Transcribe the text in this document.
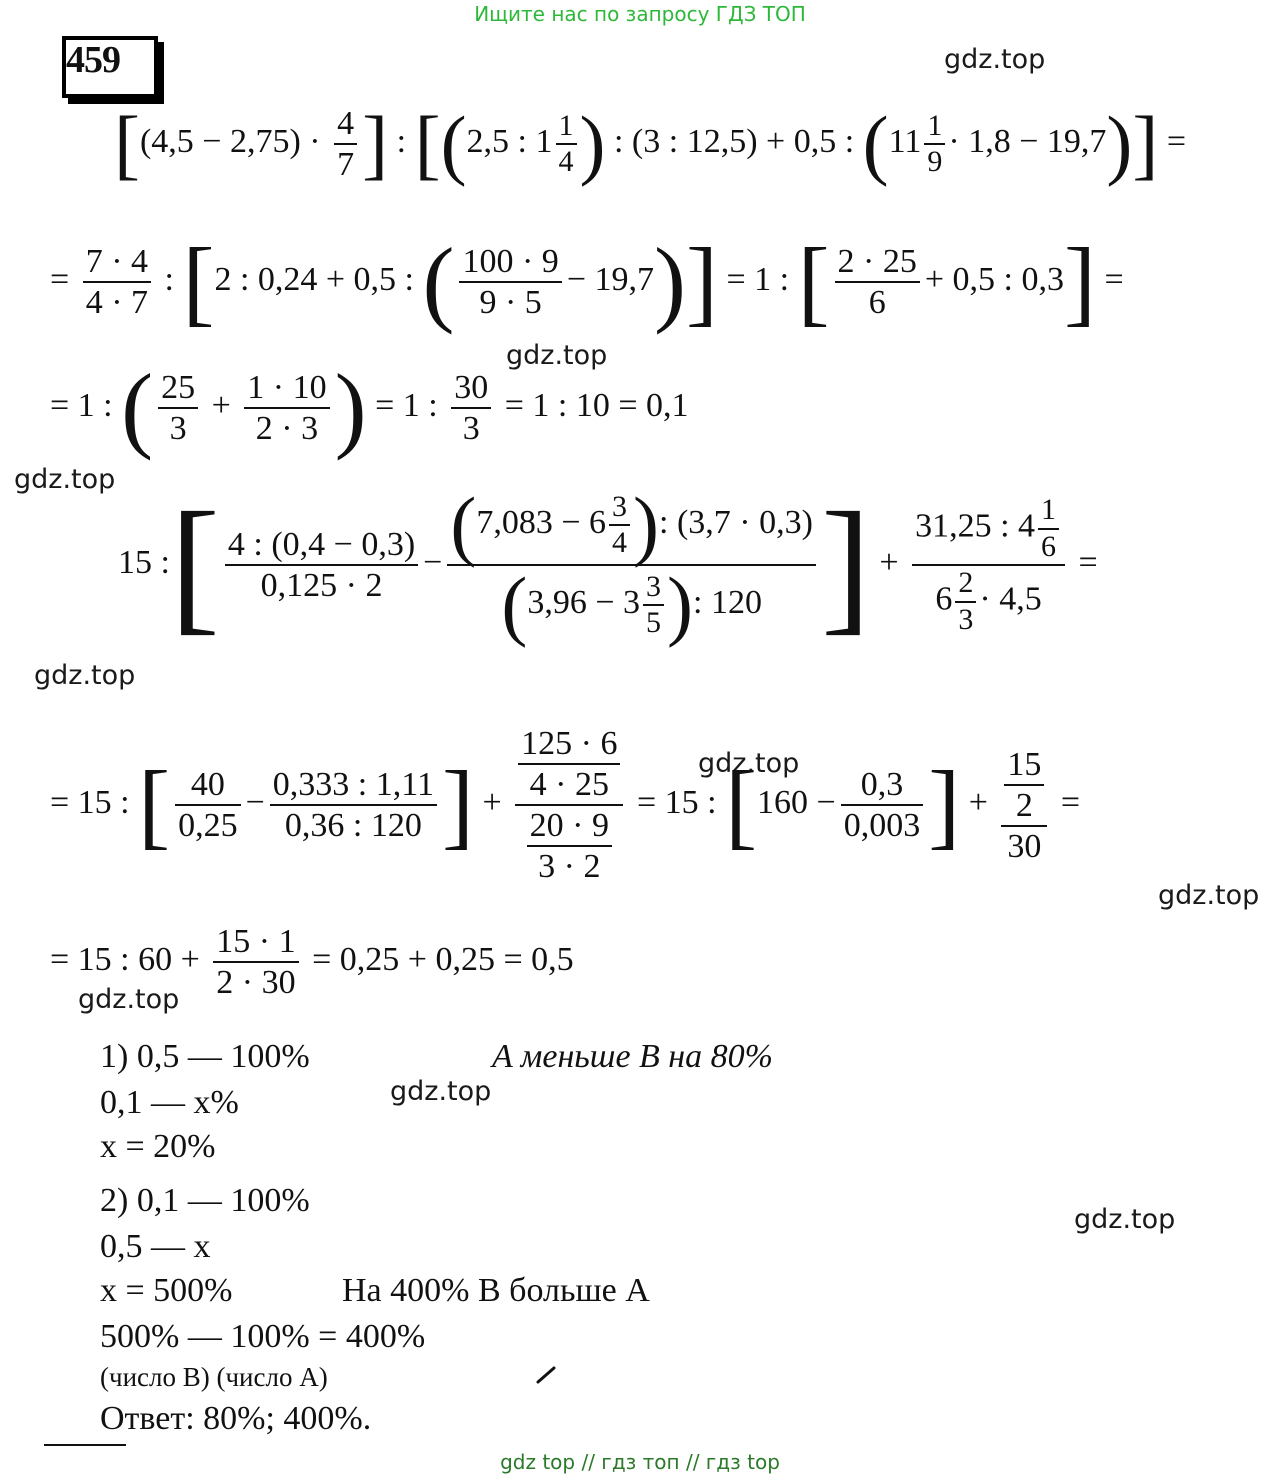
Ищите нас по запросу ГДЗ ТОП
459	gdz.top
gdz.top
gdz.top
gdz.top
gdz.top
gdz.top
gdz.top
gdz.top
gdz.top
[$(4,5 - 2,75) \cdot \frac{4}{7}$ ] : [(2,5 : $1 \frac{1}{4}$ ) : (3 : 12,5) + 0,5 : $(11 \frac{1}{9} \cdot 1,8 - 19,7)$] =
= $\frac{7 \cdot 4}{4 \cdot 7}$ : [2 : 0,24 + 0,5 : ( $\frac{100 \cdot 9}{9 \cdot 5} - 19,7)] = 1$ : [ $\frac{2 \cdot 25}{6} + 0,5$ : 0,3] =
= 1 : ( $\frac{25}{3} + \frac{1 \cdot 10}{2 \cdot 3}$ ) = 1 : $\frac{30}{3} = 1$ : 10 = 0,1
15 :[ $\frac{4 : (0,4 - 0,3)}{0,125 \cdot 2} - \frac{(7,083 - 6 \frac{3}{4} ): (3,7 \cdot 0,3)}{(3,96 - 3 \frac{3}{5} ): 120}$ ] + $\frac{31,25 : 4 \frac{1}{6}}{6 \frac{2}{3} \cdot 4,5}$ =
= 15 : [ $\frac{40}{0,25} - \frac{0,333 : 1,11}{0,36 : 120}$ ] + $\frac{\frac{125 \cdot 6}{4 \cdot 25}}{\frac{20 \cdot 9}{3 \cdot 2}} = 15$ : [$160 - \frac{0,3}{0,003}$ ] + $\frac{\frac{15}{2}}{30}$ =
= 15 : $60 + \frac{15 \cdot 1}{2 \cdot 30} = 0,25 + 0,25 = 0,5$
1) 0,5 — 100%	A меньше B на 80%
0,1 — x%
x = 20%
2) 0,1 — 100%
0,5 — x
x = 500%	На 400% B больше A
500% — 100% = 400%
(число B) (число A)
Ответ: 80%; 400%.
gdz top // гдз топ // гдз top
